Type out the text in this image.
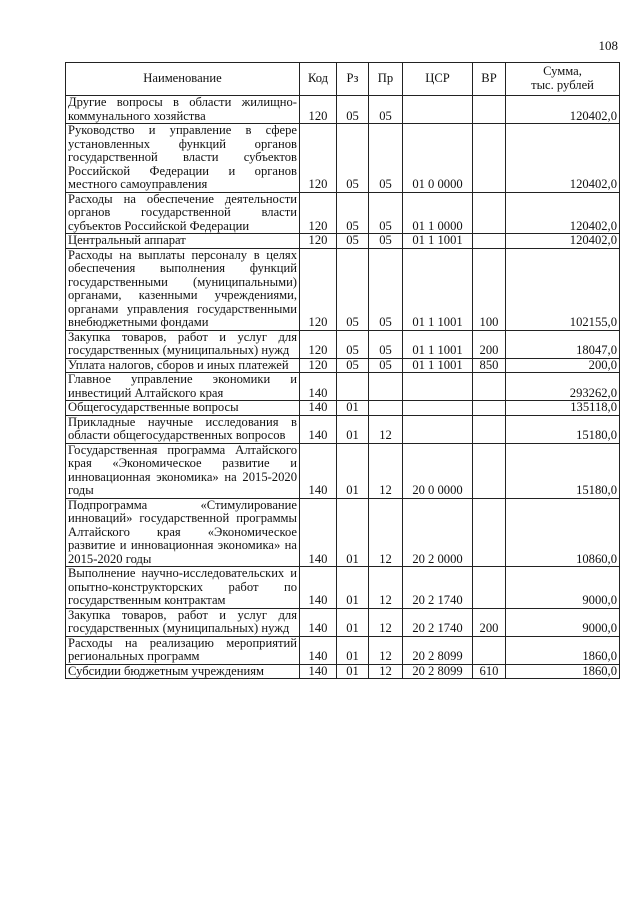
108
Наименование	Код	Рз	Пр	ЦСР	ВР	Сумма,
тыс. рублей
Другие вопросы в области жилищно-коммунального хозяйства	120	05	05			120402,0
Руководство и управление в сфере установленных функций органов государственной власти субъектов Российской Федерации и органов местного самоуправления	120	05	05	01 0 0000		120402,0
Расходы на обеспечение деятельности органов государственной власти субъектов Российской Федерации	120	05	05	01 1 0000		120402,0
Центральный аппарат	120	05	05	01 1 1001		120402,0
Расходы на выплаты персоналу в целях обеспечения выполнения функций государственными (муниципальными) органами, казенными учреждениями, органами управления государственными внебюджетными фондами	120	05	05	01 1 1001	100	102155,0
Закупка товаров, работ и услуг для государственных (муниципальных) нужд	120	05	05	01 1 1001	200	18047,0
Уплата налогов, сборов и иных платежей	120	05	05	01 1 1001	850	200,0
Главное управление экономики и инвестиций Алтайского края	140					293262,0
Общегосударственные вопросы	140	01				135118,0
Прикладные научные исследования в области общегосударственных вопросов	140	01	12			15180,0
Государственная программа Алтайского края «Экономическое развитие и инновационная экономика» на 2015-2020 годы	140	01	12	20 0 0000		15180,0
Подпрограмма «Стимулирование инноваций» государственной программы Алтайского края «Экономическое развитие и инновационная экономика» на 2015-2020 годы	140	01	12	20 2 0000		10860,0
Выполнение научно-исследовательских и опытно-конструкторских работ по государственным контрактам	140	01	12	20 2 1740		9000,0
Закупка товаров, работ и услуг для государственных (муниципальных) нужд	140	01	12	20 2 1740	200	9000,0
Расходы на реализацию мероприятий региональных программ	140	01	12	20 2 8099		1860,0
Субсидии бюджетным учреждениям	140	01	12	20 2 8099	610	1860,0
